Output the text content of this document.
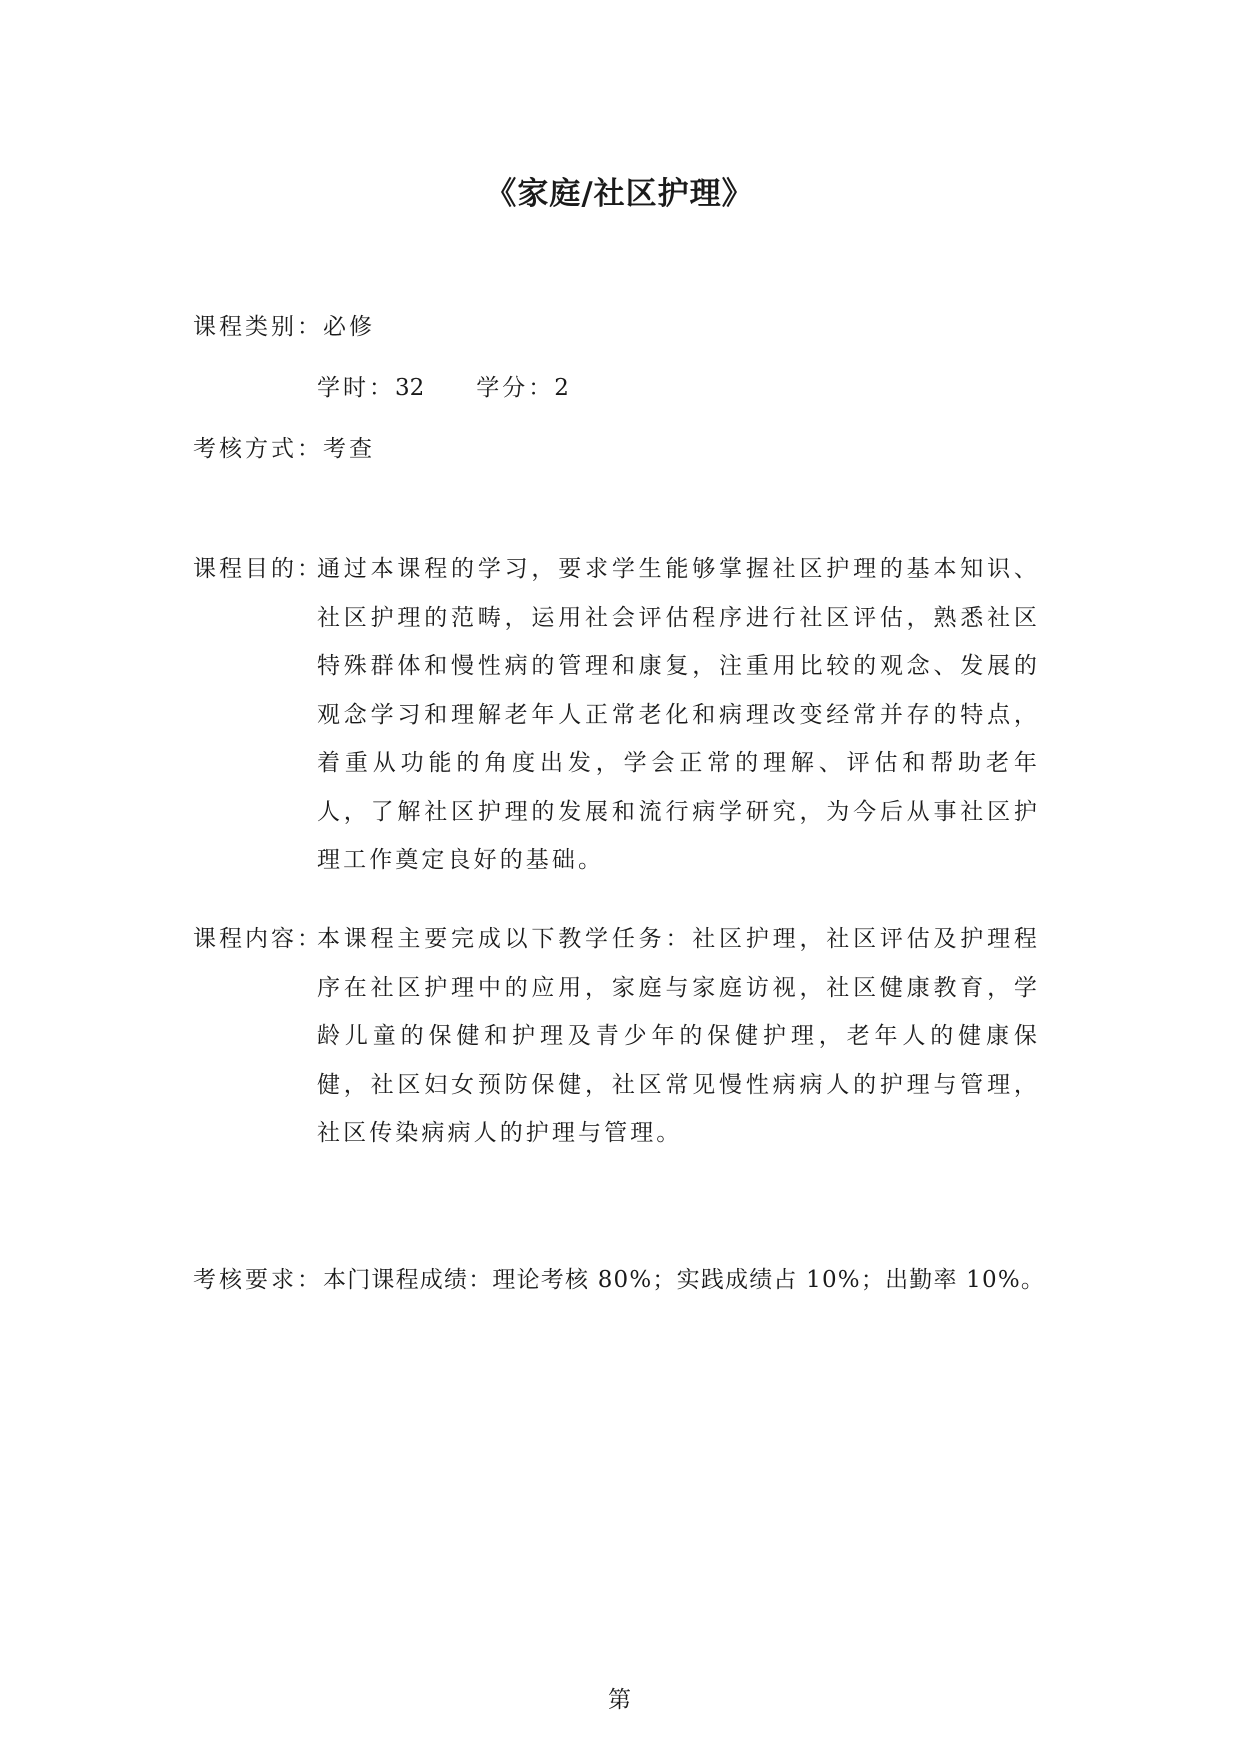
《家庭/社区护理》
课程类别：必修
学时：32 学分：2
考核方式：考查
课程目的：
通过本课程的学习，要求学生能够掌握社区护理的基本知识、社区护理的范畴，运用社会评估程序进行社区评估，熟悉社区特殊群体和慢性病的管理和康复，注重用比较的观念、发展的观念学习和理解老年人正常老化和病理改变经常并存的特点，着重从功能的角度出发，学会正常的理解、评估和帮助老年人，了解社区护理的发展和流行病学研究，为今后从事社区护理工作奠定良好的基础。
课程内容：
本课程主要完成以下教学任务：社区护理，社区评估及护理程序在社区护理中的应用，家庭与家庭访视，社区健康教育，学龄儿童的保健和护理及青少年的保健护理，老年人的健康保健，社区妇女预防保健，社区常见慢性病病人的护理与管理，社区传染病病人的护理与管理。
考核要求：本门课程成绩：理论考核 80%；实践成绩占 10%；出勤率 10%。
第
